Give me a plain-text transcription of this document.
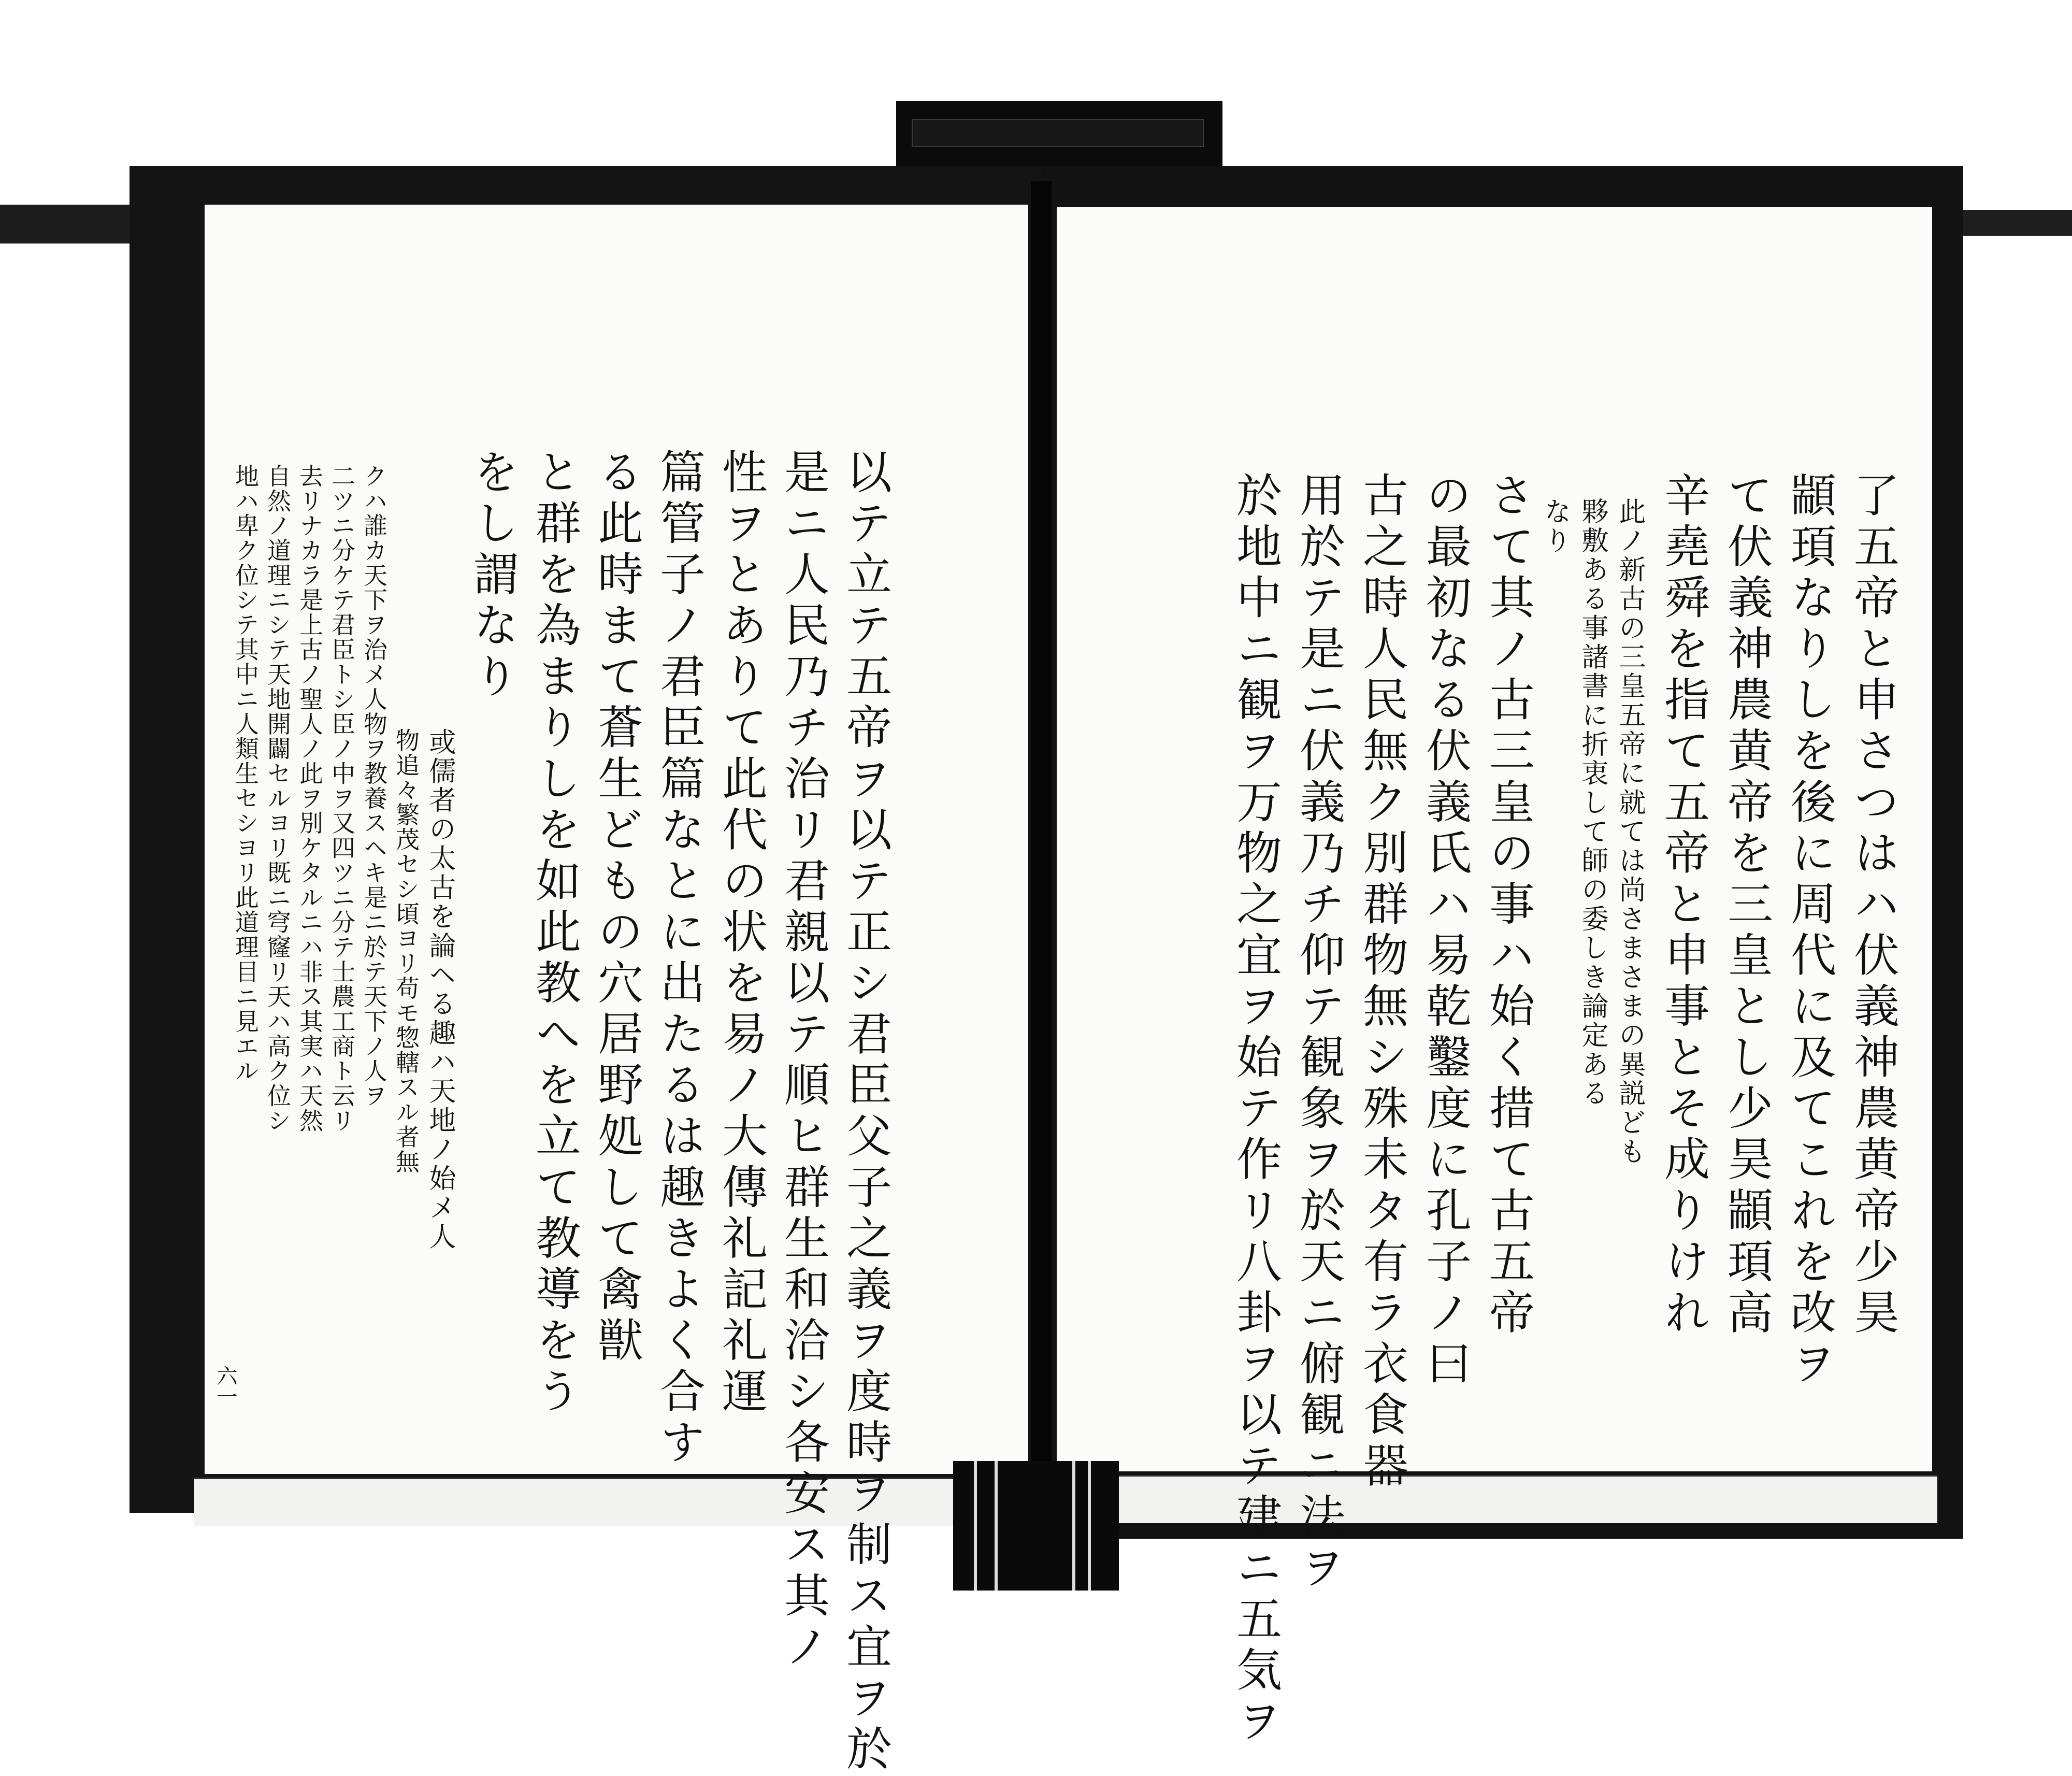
以テ立テ五帝ヲ以テ正シ君臣父子之義ヲ度時ヲ制ス宜ヲ於
是ニ人民乃チ治リ君親以テ順ヒ群生和洽シ各安ス其ノ
性ヲとありて此代の状を易ノ大傳礼記礼運
篇管子ノ君臣篇なとに出たるは趣きよく合す
る此時まて蒼生どもの穴居野処して禽獣
と群を為まりしを如此教へを立て教導をう
をし謂なり
或儒者の太古を論ヘる趣ハ天地ノ始メ人
物追々繁茂セシ頃ヨリ苟モ惣轄スル者無
クハ誰カ天下ヲ治メ人物ヲ教養スヘキ是ニ於テ天下ノ人ヲ
二ツニ分ケテ君臣トシ臣ノ中ヲ又四ツニ分テ士農工商ト云リ
去リナカラ是上古ノ聖人ノ此ヲ別ケタルニハ非ス其実ハ天然
自然ノ道理ニシテ天地開闢セルヨリ既ニ穹窿リ天ハ高ク位シ
地ハ卑ク位シテ其中ニ人類生セシヨリ此道理目ニ見エル
六一
了五帝と申さつはハ伏義神農黄帝少昊
顓頊なりしを後に周代に及てこれを改ヲ
て伏義神農黄帝を三皇とし少昊顓頊高
辛堯舜を指て五帝と申事とそ成りけれ
此ノ新古の三皇五帝に就ては尚さまさまの異説ども
夥敷ある事諸書に折衷して師の委しき論定ある
なり
さて其ノ古三皇の事ハ始く措て古五帝
の最初なる伏義氏ハ易乾鑿度に孔子ノ曰
古之時人民無ク別群物無シ殊未タ有ラ衣食器
用於テ是ニ伏義乃チ仰テ観象ヲ於天ニ俯観ニ法ヲ
於地中ニ観ヲ万物之宜ヲ始テ作リ八卦ヲ以テ建ニ五気ヲ
